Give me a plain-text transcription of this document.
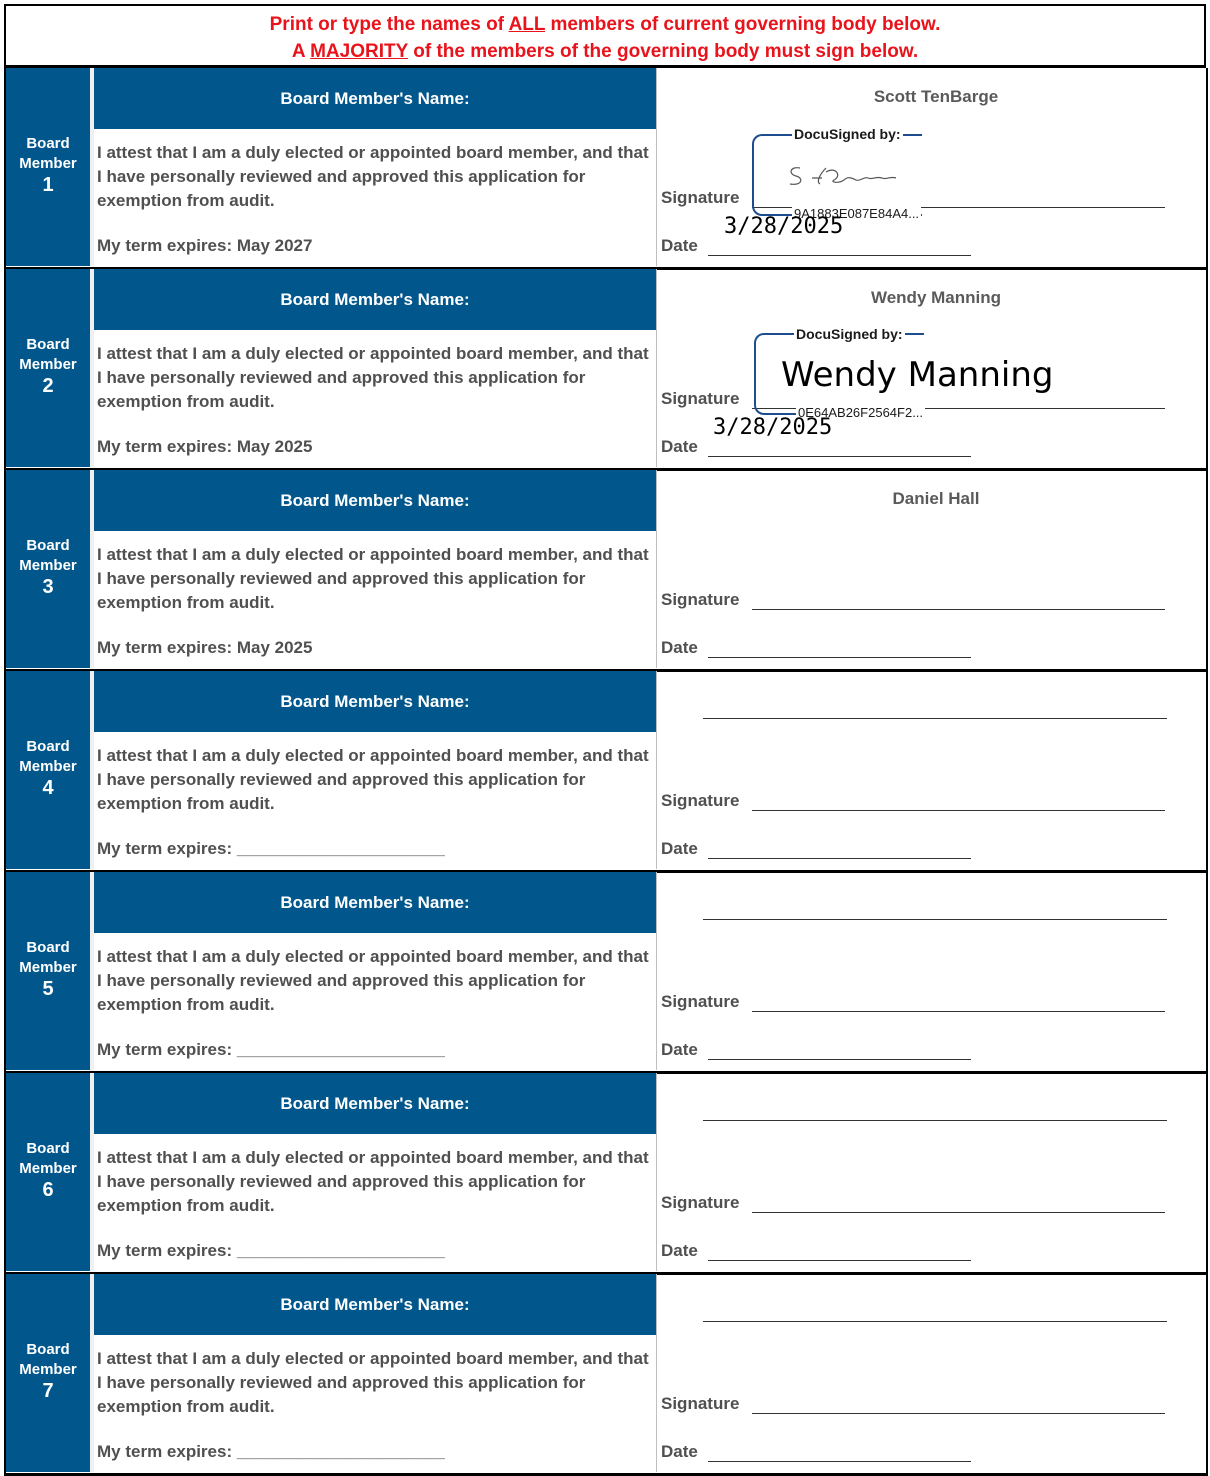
Print or type the names of ALL members of current governing body below.
A MAJORITY of the members of the governing body must sign below.
Board
Member
1
Board Member's Name:
I attest that I am a duly elected or appointed board member, and that I have personally reviewed and approved this application for exemption from audit.
My term expires: May 2027
Scott TenBarge
Signature
Date
DocuSigned by:
9A1883E087E84A4...
3/28/2025
Board
Member
2
Board Member's Name:
I attest that I am a duly elected or appointed board member, and that I have personally reviewed and approved this application for exemption from audit.
My term expires: May 2025
Wendy Manning
Signature
Date
DocuSigned by:
Wendy Manning
0E64AB26F2564F2...
3/28/2025
Board
Member
3
Board Member's Name:
I attest that I am a duly elected or appointed board member, and that I have personally reviewed and approved this application for exemption from audit.
My term expires: May 2025
Daniel Hall
Signature
Date
Board
Member
4
Board Member's Name:
I attest that I am a duly elected or appointed board member, and that I have personally reviewed and approved this application for exemption from audit.
My term expires: ______________________
Signature
Date
Board
Member
5
Board Member's Name:
I attest that I am a duly elected or appointed board member, and that I have personally reviewed and approved this application for exemption from audit.
My term expires: ______________________
Signature
Date
Board
Member
6
Board Member's Name:
I attest that I am a duly elected or appointed board member, and that I have personally reviewed and approved this application for exemption from audit.
My term expires: ______________________
Signature
Date
Board
Member
7
Board Member's Name:
I attest that I am a duly elected or appointed board member, and that I have personally reviewed and approved this application for exemption from audit.
My term expires: ______________________
Signature
Date
